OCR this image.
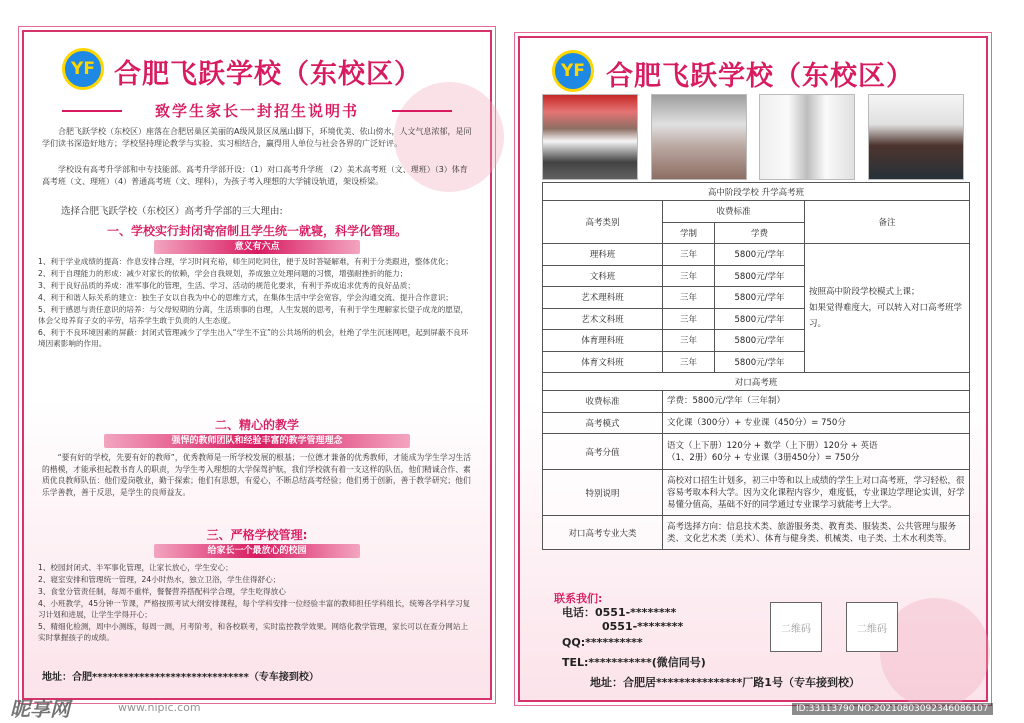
YF 合肥飞跃学校（东校区）
致学生家长一封招生说明书

合肥飞跃学校（东校区）座落在合肥居巢区美丽的A级风景区凤凰山脚下，环境优美、依山傍水，人文气息浓郁，是同学们读书深造好地方；学校坚持理论教学与实验、实习相结合，赢得用人单位与社会各界的广泛好评。

学校设有高考升学部和中专技能部。高考升学部开设：（1）对口高考升学班 （2）美术高考班（文、理班）（3）体育高考班（文、理班）（4）普通高考班（文、理科），为孩子考入理想的大学铺设轨道，架设桥梁。

选择合肥飞跃学校（东校区）高考升学部的三大理由:

一、学校实行封闭寄宿制且学生统一就寝，科学化管理。
意义有六点
1、利于学业成绩的提高：作息安排合理，学习时间充裕，师生同吃同住，便于及时答疑解难，有利于分类跟进，整体优化；
2、利于自理能力的形成：减少对家长的依赖，学会自我规划，养成独立处理问题的习惯，增强耐挫折的能力；
3、利于良好品质的养成：准军事化的管理，生活、学习、活动的规范化要求，有利于养成追求优秀的良好品质；
4、利于和谐人际关系的建立：独生子女以自我为中心的思维方式，在集体生活中学会宽容，学会沟通交流、提升合作意识；
5、利于感恩与责任意识的培养：与父母短期的分离，生活琐事的自理，人生发展的思考，有利于学生理解家长望子成龙的愿望，体会父母养育子女的辛劳，培养学生敢于负责的人生态度。
6、利于不良环境因素的屏蔽：封闭式管理减少了学生出入“学生不宜”的公共场所的机会，杜绝了学生沉迷网吧，起到屏蔽不良环境因素影响的作用。
二、精心的教学
强悍的教师团队和经验丰富的教学管理理念

“要有好的学校，先要有好的教师”，优秀教师是一所学校发展的根基；一位德才兼备的优秀教师，才能成为学生学习生活的楷模，才能承担起教书育人的职责，为学生考入理想的大学保驾护航，我们学校就有着一支这样的队伍，他们精诚合作、素质优良教师队伍：他们爱岗敬业，勤于探索；他们有思想，有爱心，不断总结高考经验；他们勇于创新，善于教学研究；他们乐学善教，善于反思，是学生的良师益友。

三、严格学校管理:
给家长一个最放心的校园
1、校园封闭式、半军事化管理，让家长放心，学生安心；
2、寝室安排和管理统一管理，24小时热水，独立卫浴，学生住得舒心；
3、食堂分管责任制，每周不重样，餐餐营养搭配科学合理，学生吃得放心
4、小班教学，45分钟一节课，严格按照考试大纲安排课程，每个学科安排一位经验丰富的教师担任学科组长，统筹各学科学习复习计划和进展，让学生学得开心；
5、精细化检测，周中小测练，每周一测，月考阶考，和各校联考，实时监控教学效果。网络化教学管理，家长可以在查分网站上实时掌握孩子的成绩。
地址：合肥******************************（专车接到校）
YF 合肥飞跃学校（东校区）
高中阶段学校 升学高考班			
高考类别	收费标准		备注
	学制	学费	
理科班	三年	5800元/学年	按照高中阶段学校模式上课；
如果觉得难度大，可以转入对口高考班学习。
文科班	三年	5800元/学年	
艺术理科班	三年	5800元/学年	
艺术文科班	三年	5800元/学年	
体育理科班	三年	5800元/学年	
体育文科班	三年	5800元/学年	
对口高考班			
收费标准	学费：5800元/学年（三年制）		
高考模式	文化课（300分）+ 专业课（450分）= 750分		
高考分值	语文（上下册）120分 + 数学（上下册）120分 + 英语
（1、2册）60分 + 专业课（3册450分）= 750分		

特别说明	高校对口招生计划多，初三中等和以上成绩的学生上对口高考班，学习轻松，很容易考取本科大学。因为文化课程内容少，难度低，专业课边学理论实训，好学易懂分值高，基础不好的同学通过专业课学习就能考上大学。		
对口高考专业大类	高考选择方向：信息技术类、旅游服务类、教育类、服装类、公共管理与服务类、文化艺术类（美术）、体育与健身类、机械类、电子类、土木水利类等。		
联系我们:
电话：0551-********
0551-********
QQ:**********
TEL:***********(微信同号)
二维码	二维码
地址：合肥居***************厂路1号（专车接到校）
昵享网	www.nipic.com	ID:33113790 NO:20210803092346086107
